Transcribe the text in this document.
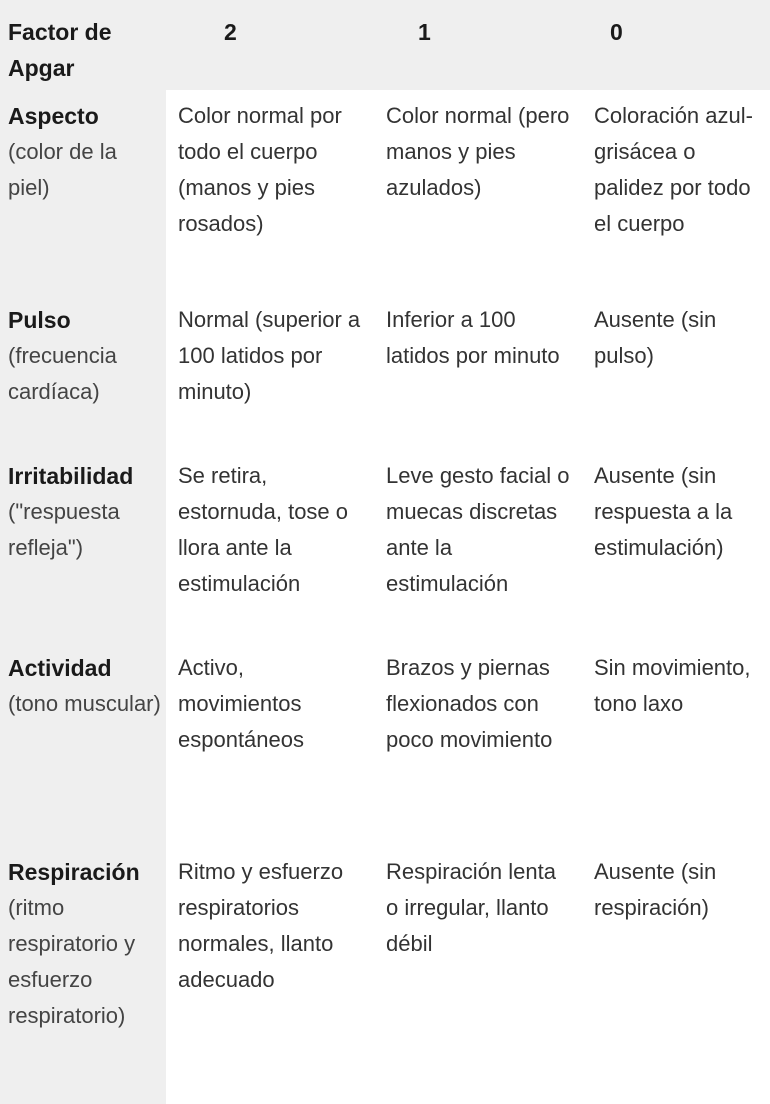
Factor de Apgar	2	1	0

Aspecto
(color de la piel)	Color normal por todo el cuerpo (manos y pies rosados)	Color normal (pero manos y pies azulados)	Coloración azul-grisácea o palidez por todo el cuerpo

Pulso
(frecuencia cardíaca)	Normal (superior a 100 latidos por minuto)	Inferior a 100 latidos por minuto	Ausente (sin pulso)

Irritabilidad
("respuesta refleja")	Se retira, estornuda, tose o llora ante la estimulación	Leve gesto facial o muecas discretas ante la estimulación	Ausente (sin respuesta a la estimulación)

Actividad
(tono muscular)	Activo, movimientos espontáneos	Brazos y piernas flexionados con poco movimiento	Sin movimiento, tono laxo

Respiración
(ritmo respiratorio y esfuerzo respiratorio)	Ritmo y esfuerzo respiratorios normales, llanto adecuado	Respiración lenta o irregular, llanto débil	Ausente (sin respiración)
